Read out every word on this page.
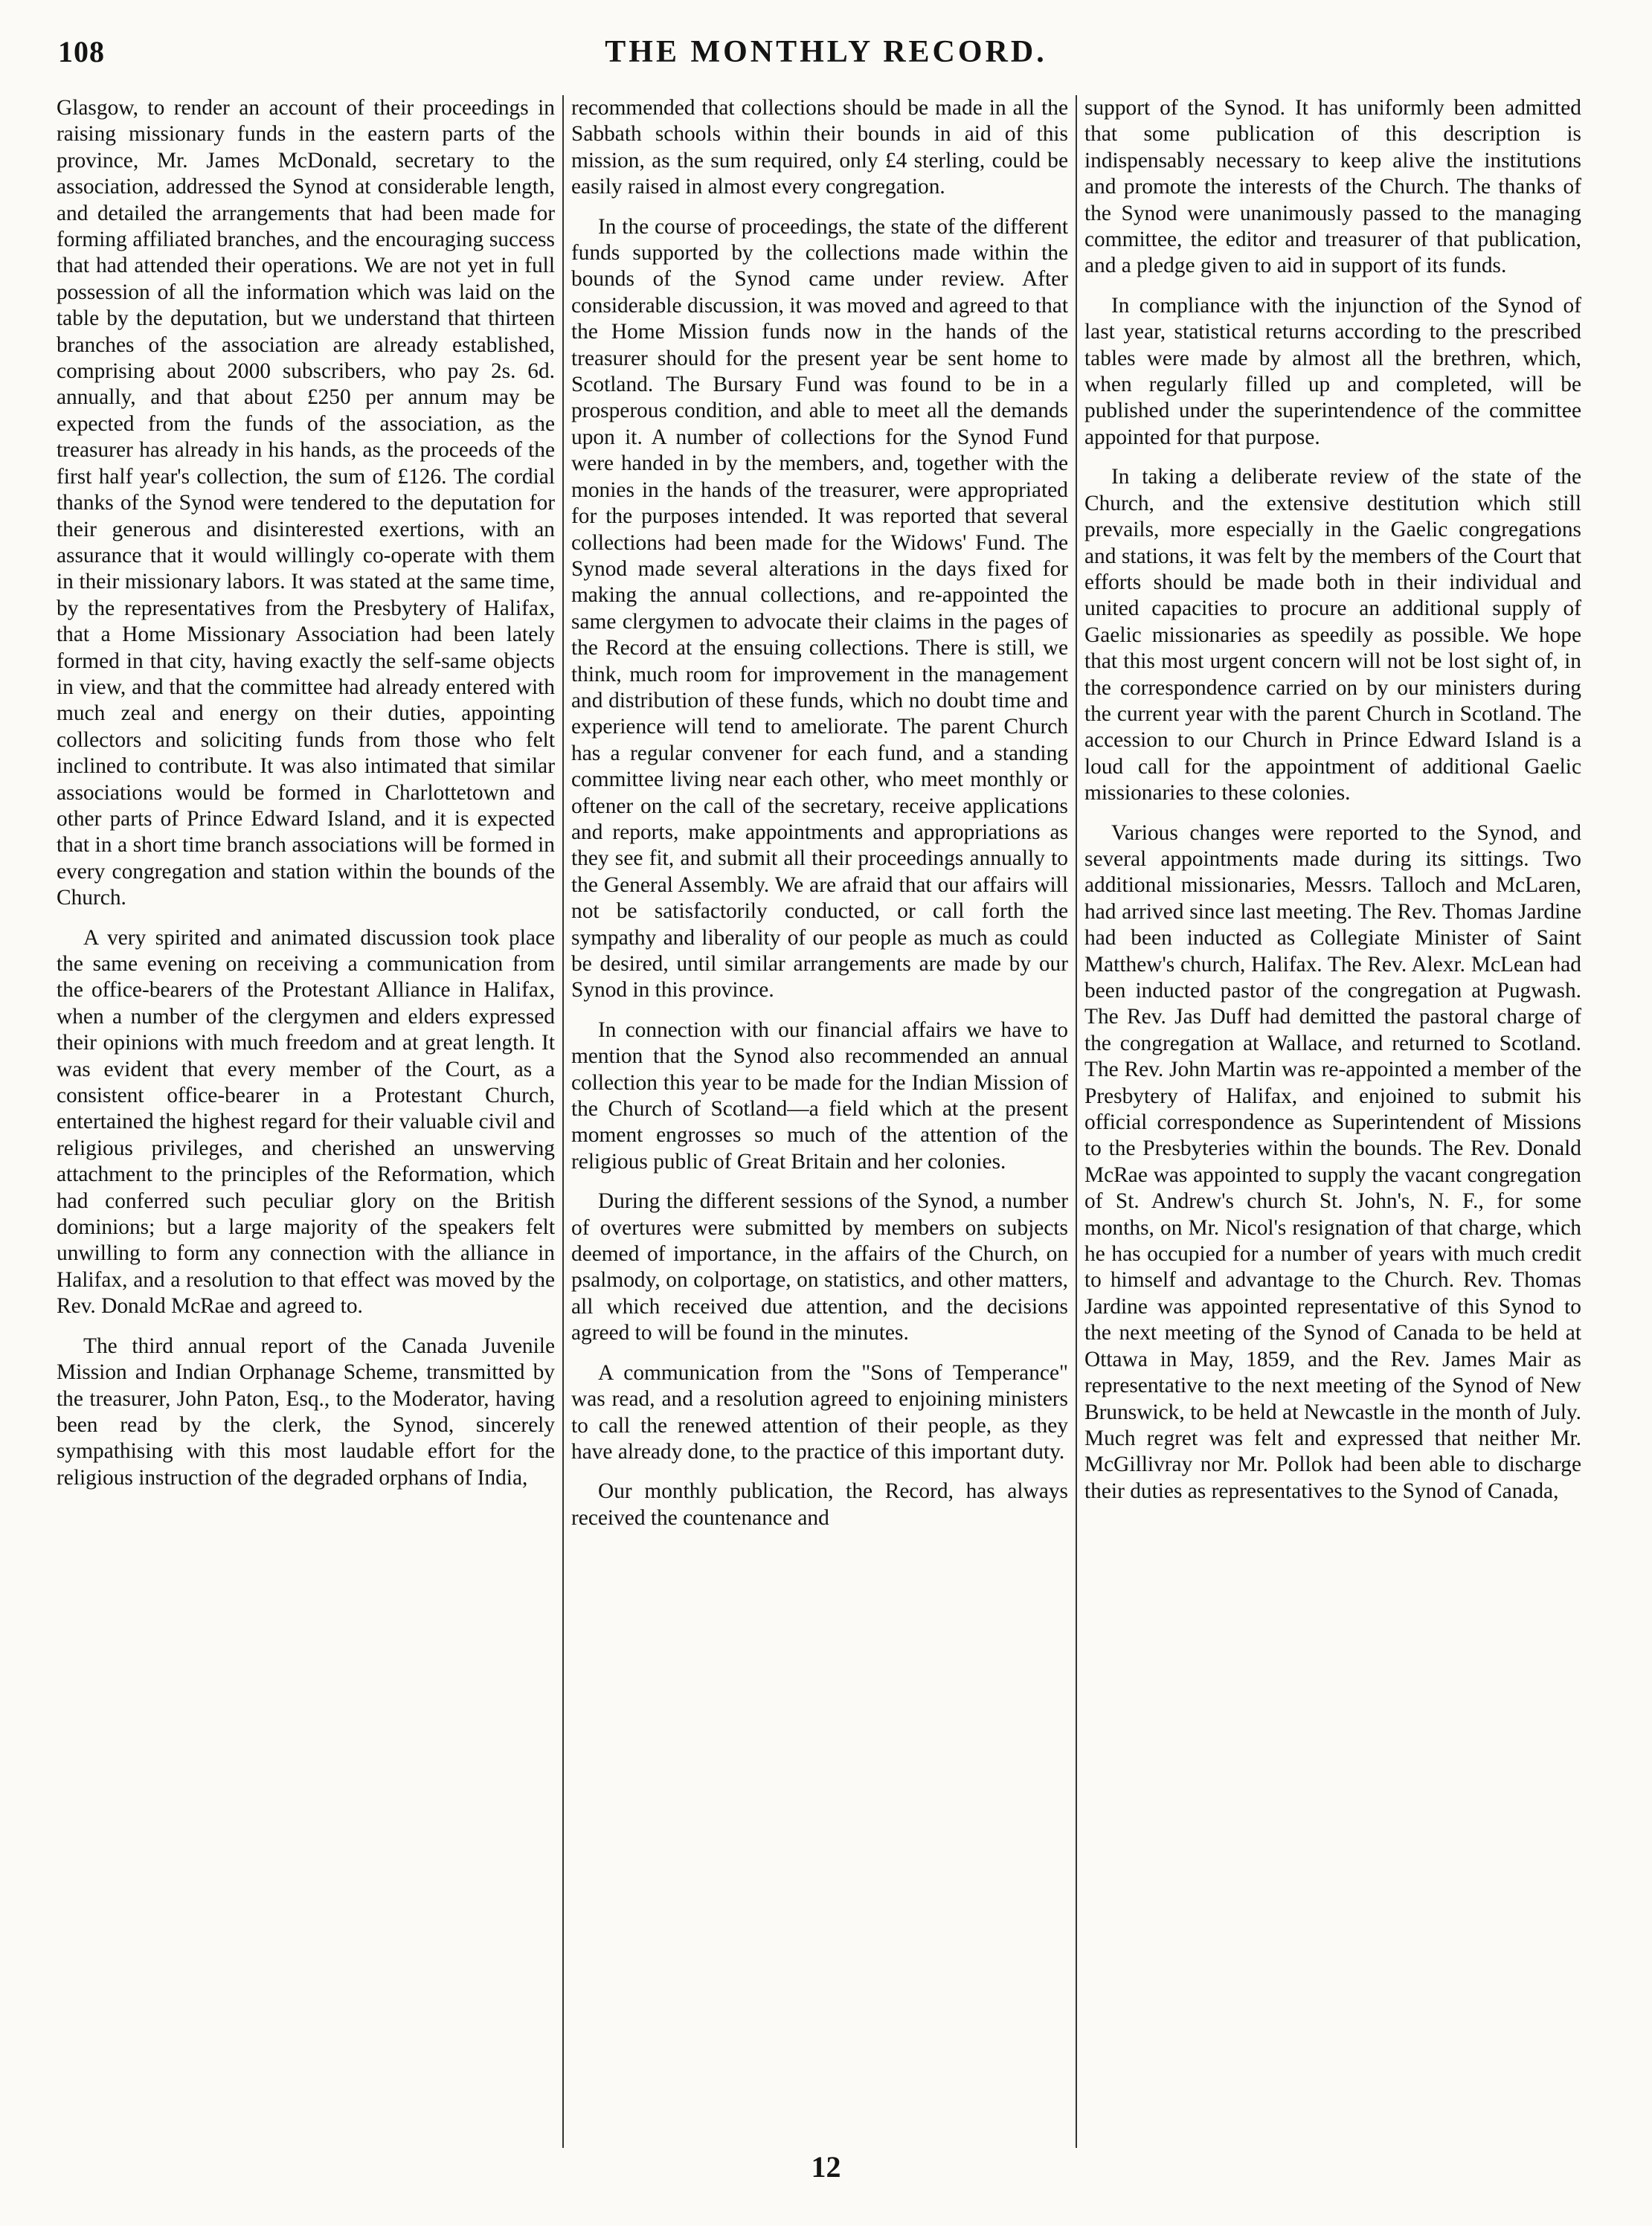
108	THE MONTHLY RECORD.

Glasgow, to render an account of their proceedings in raising missionary funds in the eastern parts of the province, Mr. James McDonald, secretary to the association, addressed the Synod at considerable length, and detailed the arrangements that had been made for forming affiliated branches, and the encouraging success that had attended their operations. We are not yet in full possession of all the information which was laid on the table by the deputation, but we understand that thirteen branches of the association are already established, comprising about 2000 subscribers, who pay 2s. 6d. annually, and that about £250 per annum may be expected from the funds of the association, as the treasurer has already in his hands, as the proceeds of the first half year's collection, the sum of £126. The cordial thanks of the Synod were tendered to the deputation for their generous and disinterested exertions, with an assurance that it would willingly co-operate with them in their missionary labors. It was stated at the same time, by the representatives from the Presbytery of Halifax, that a Home Missionary Association had been lately formed in that city, having exactly the self-same objects in view, and that the committee had already entered with much zeal and energy on their duties, appointing collectors and soliciting funds from those who felt inclined to contribute. It was also intimated that similar associations would be formed in Charlottetown and other parts of Prince Edward Island, and it is expected that in a short time branch associations will be formed in every congregation and station within the bounds of the Church.

A very spirited and animated discussion took place the same evening on receiving a communication from the office-bearers of the Protestant Alliance in Halifax, when a number of the clergymen and elders expressed their opinions with much freedom and at great length. It was evident that every member of the Court, as a consistent office-bearer in a Protestant Church, entertained the highest regard for their valuable civil and religious privileges, and cherished an unswerving attachment to the principles of the Reformation, which had conferred such peculiar glory on the British dominions; but a large majority of the speakers felt unwilling to form any connection with the alliance in Halifax, and a resolution to that effect was moved by the Rev. Donald McRae and agreed to.

The third annual report of the Canada Juvenile Mission and Indian Orphanage Scheme, transmitted by the treasurer, John Paton, Esq., to the Moderator, having been read by the clerk, the Synod, sincerely sympathising with this most laudable effort for the religious instruction of the degraded orphans of India,

recommended that collections should be made in all the Sabbath schools within their bounds in aid of this mission, as the sum required, only £4 sterling, could be easily raised in almost every congregation.

In the course of proceedings, the state of the different funds supported by the collections made within the bounds of the Synod came under review. After considerable discussion, it was moved and agreed to that the Home Mission funds now in the hands of the treasurer should for the present year be sent home to Scotland. The Bursary Fund was found to be in a prosperous condition, and able to meet all the demands upon it. A number of collections for the Synod Fund were handed in by the members, and, together with the monies in the hands of the treasurer, were appropriated for the purposes intended. It was reported that several collections had been made for the Widows' Fund. The Synod made several alterations in the days fixed for making the annual collections, and re-appointed the same clergymen to advocate their claims in the pages of the Record at the ensuing collections. There is still, we think, much room for improvement in the management and distribution of these funds, which no doubt time and experience will tend to ameliorate. The parent Church has a regular convener for each fund, and a standing committee living near each other, who meet monthly or oftener on the call of the secretary, receive applications and reports, make appointments and appropriations as they see fit, and submit all their proceedings annually to the General Assembly. We are afraid that our affairs will not be satisfactorily conducted, or call forth the sympathy and liberality of our people as much as could be desired, until similar arrangements are made by our Synod in this province.

In connection with our financial affairs we have to mention that the Synod also recommended an annual collection this year to be made for the Indian Mission of the Church of Scotland—a field which at the present moment engrosses so much of the attention of the religious public of Great Britain and her colonies.

During the different sessions of the Synod, a number of overtures were submitted by members on subjects deemed of importance, in the affairs of the Church, on psalmody, on colportage, on statistics, and other matters, all which received due attention, and the decisions agreed to will be found in the minutes.

A communication from the "Sons of Temperance" was read, and a resolution agreed to enjoining ministers to call the renewed attention of their people, as they have already done, to the practice of this important duty.

Our monthly publication, the Record, has always received the countenance and

support of the Synod. It has uniformly been admitted that some publication of this description is indispensably necessary to keep alive the institutions and promote the interests of the Church. The thanks of the Synod were unanimously passed to the managing committee, the editor and treasurer of that publication, and a pledge given to aid in support of its funds.

In compliance with the injunction of the Synod of last year, statistical returns according to the prescribed tables were made by almost all the brethren, which, when regularly filled up and completed, will be published under the superintendence of the committee appointed for that purpose.

In taking a deliberate review of the state of the Church, and the extensive destitution which still prevails, more especially in the Gaelic congregations and stations, it was felt by the members of the Court that efforts should be made both in their individual and united capacities to procure an additional supply of Gaelic missionaries as speedily as possible. We hope that this most urgent concern will not be lost sight of, in the correspondence carried on by our ministers during the current year with the parent Church in Scotland. The accession to our Church in Prince Edward Island is a loud call for the appointment of additional Gaelic missionaries to these colonies.

Various changes were reported to the Synod, and several appointments made during its sittings. Two additional missionaries, Messrs. Talloch and McLaren, had arrived since last meeting. The Rev. Thomas Jardine had been inducted as Collegiate Minister of Saint Matthew's church, Halifax. The Rev. Alexr. McLean had been inducted pastor of the congregation at Pugwash. The Rev. Jas Duff had demitted the pastoral charge of the congregation at Wallace, and returned to Scotland. The Rev. John Martin was re-appointed a member of the Presbytery of Halifax, and enjoined to submit his official correspondence as Superintendent of Missions to the Presbyteries within the bounds. The Rev. Donald McRae was appointed to supply the vacant congregation of St. Andrew's church St. John's, N. F., for some months, on Mr. Nicol's resignation of that charge, which he has occupied for a number of years with much credit to himself and advantage to the Church. Rev. Thomas Jardine was appointed representative of this Synod to the next meeting of the Synod of Canada to be held at Ottawa in May, 1859, and the Rev. James Mair as representative to the next meeting of the Synod of New Brunswick, to be held at Newcastle in the month of July. Much regret was felt and expressed that neither Mr. McGillivray nor Mr. Pollok had been able to discharge their duties as representatives to the Synod of Canada,

12
